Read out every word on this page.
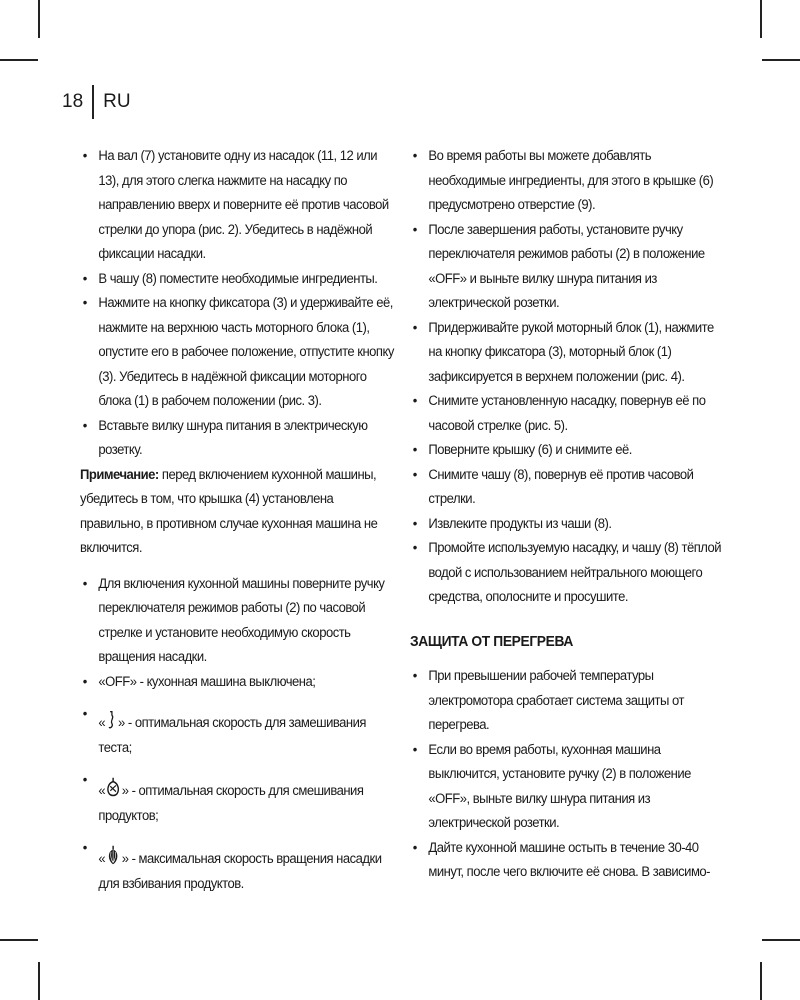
18	RU
• На вал (7) установите одну из насадок (11, 12 или 13), для этого слегка нажмите на насадку по направлению вверх и поверните её против часовой стрелки до упора (рис. 2). Убедитесь в надёжной фиксации насадки.
• В чашу (8) поместите необходимые ингредиенты.
• Нажмите на кнопку фиксатора (3) и удерживайте её, нажмите на верхнюю часть моторного блока (1), опустите его в рабочее положение, отпустите кнопку (3). Убедитесь в надёжной фиксации моторного блока (1) в рабочем положении (рис. 3).
• Вставьте вилку шнура питания в электрическую розетку.

Примечание: перед включением кухонной машины, убедитесь в том, что крышка (4) установлена правильно, в противном случае кухонная машина не включится.

• Для включения кухонной машины поверните ручку переключателя режимов работы (2) по часовой стрелке и установите необходимую скорость вращения насадки.
• «OFF» - кухонная машина выключена;
• « » - оптимальная скорость для замешивания теста;
• « » - оптимальная скорость для смешивания продуктов;
• « » - максимальная скорость вращения насадки для взбивания продуктов.
• Во время работы вы можете добавлять необходимые ингредиенты, для этого в крышке (6) предусмотрено отверстие (9).
• После завершения работы, установите ручку переключателя режимов работы (2) в положение «OFF» и выньте вилку шнура питания из электрической розетки.
• Придерживайте рукой моторный блок (1), нажмите на кнопку фиксатора (3), моторный блок (1) зафиксируется в верхнем положении (рис. 4).
• Снимите установленную насадку, повернув её по часовой стрелке (рис. 5).
• Поверните крышку (6) и снимите её.
• Снимите чашу (8), повернув её против часовой стрелки.
• Извлеките продукты из чаши (8).
• Промойте используемую насадку, и чашу (8) тёплой водой с использованием нейтрального моющего средства, ополосните и просушите.
ЗАЩИТА ОТ ПЕРЕГРЕВА
• При превышении рабочей температуры электромотора сработает система защиты от перегрева.
• Если во время работы, кухонная машина выключится, установите ручку (2) в положение «OFF», выньте вилку шнура питания из электрической розетки.
• Дайте кухонной машине остыть в течение 30-40 минут, после чего включите её снова. В зависимо-
